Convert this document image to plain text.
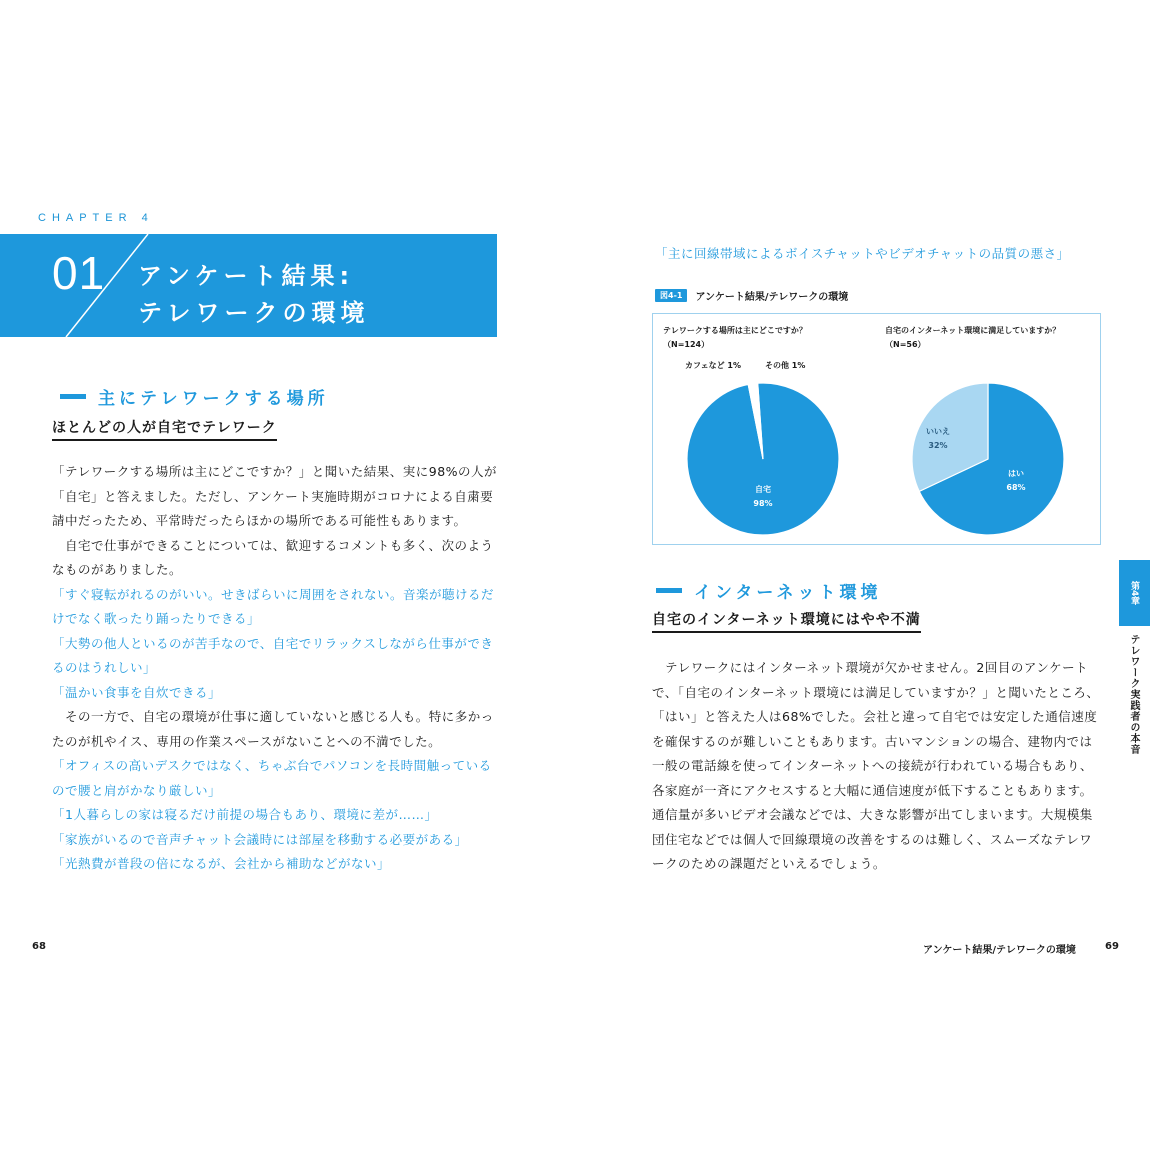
CHAPTER 4
01 アンケート結果:
テレワークの環境
主にテレワークする場所
ほとんどの人が自宅でテレワーク

「テレワークする場所は主にどこですか？」と聞いた結果、実に98%の人が「自宅」と答えました。ただし、アンケート実施時期がコロナによる自粛要請中だったため、平常時だったらほかの場所である可能性もあります。

　自宅で仕事ができることについては、歓迎するコメントも多く、次のようなものがありました。

「すぐ寝転がれるのがいい。せきばらいに周囲をされない。音楽が聴けるだけでなく歌ったり踊ったりできる」

「大勢の他人といるのが苦手なので、自宅でリラックスしながら仕事ができるのはうれしい」

「温かい食事を自炊できる」

　その一方で、自宅の環境が仕事に適していないと感じる人も。特に多かったのが机やイス、専用の作業スペースがないことへの不満でした。

「オフィスの高いデスクではなく、ちゃぶ台でパソコンを長時間触っているので腰と肩がかなり厳しい」

「1人暮らしの家は寝るだけ前提の場合もあり、環境に差が……」

「家族がいるので音声チャット会議時には部屋を移動する必要がある」

「光熱費が普段の倍になるが、会社から補助などがない」

68
「主に回線帯域によるボイスチャットやビデオチャットの品質の悪さ」
図4-1	アンケート結果/テレワークの環境
テレワークする場所は主にどこですか？
（N=124）
自宅のインターネット環境に満足していますか？
（N=56）
カフェなど 1%	その他 1%
自宅
98%
はい
68%
いいえ
32%
インターネット環境
自宅のインターネット環境にはやや不満

　テレワークにはインターネット環境が欠かせません。2回目のアンケートで、「自宅のインターネット環境には満足していますか？」と聞いたところ、「はい」と答えた人は68%でした。会社と違って自宅では安定した通信速度を確保するのが難しいこともあります。古いマンションの場合、建物内では一般の電話線を使ってインターネットへの接続が行われている場合もあり、各家庭が一斉にアクセスすると大幅に通信速度が低下することもあります。通信量が多いビデオ会議などでは、大きな影響が出てしまいます。大規模集団住宅などでは個人で回線環境の改善をするのは難しく、スムーズなテレワークのための課題だといえるでしょう。

アンケート結果/テレワークの環境	69
第4章
テレワーク実践者の本音
